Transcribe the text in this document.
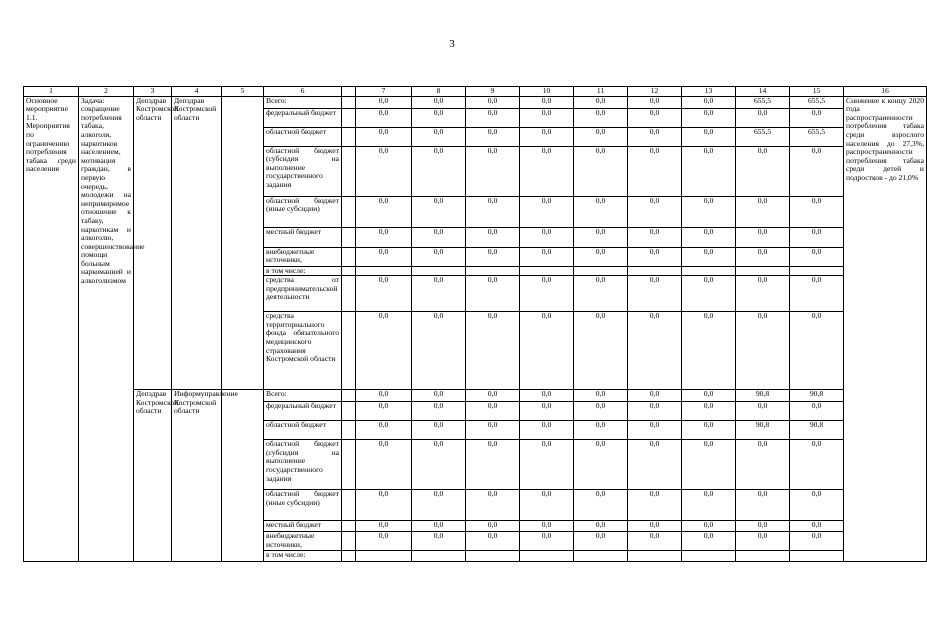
3
1	2	3	4	5	6		7	8	9	10	11	12	13	14	15	16
Основное мероприятие 1.1. Мероприятия по ограничению потребления табака среди населения	Задача: сокращение потребления табака, алкоголя, наркотиков населением, мотивация граждан, в первую очередь, молодежи на непримиримое отношение к табаку, наркотикам и алкоголю, совершенствование помощи больным наркоманией и алкоголизмом	Депздрав Костромской области	Депздрав Костромской области		Всего:		0,0	0,0	0,0	0,0	0,0	0,0	0,0	655,5	655,5	Снижение к концу 2020 года распространенности потребления табака среди взрослого населения до 27,3%, распространенности потребления табака среди детей и подростков - до 21,0%
					федеральный бюджет		0,0	0,0	0,0	0,0	0,0	0,0	0,0	0,0	0,0	
					областной бюджет		0,0	0,0	0,0	0,0	0,0	0,0	0,0	655,5	655,5	
					областной бюджет (субсидия на выполнение государственного задания		0,0	0,0	0,0	0,0	0,0	0,0	0,0	0,0	0,0	
					областной бюджет (иные субсидии)		0,0	0,0	0,0	0,0	0,0	0,0	0,0	0,0	0,0	
					местный бюджет		0,0	0,0	0,0	0,0	0,0	0,0	0,0	0,0	0,0	
					внебюджетные источники,		0,0	0,0	0,0	0,0	0,0	0,0	0,0	0,0	0,0	
					в том числе:											
					средства от предпринимательской деятельности		0,0	0,0	0,0	0,0	0,0	0,0	0,0	0,0	0,0	
					средства территориального фонда обязательного медицинского страхования Костромской области		0,0	0,0	0,0	0,0	0,0	0,0	0,0	0,0	0,0	
		Депздрав Костромской области	Информуправление Костромской области		Всего:		0,0	0,0	0,0	0,0	0,0	0,0	0,0	90,8	90,8	
					федеральный бюджет		0,0	0,0	0,0	0,0	0,0	0,0	0,0	0,0	0,0	
					областной бюджет		0,0	0,0	0,0	0,0	0,0	0,0	0,0	90,8	90,8	
					областной бюджет (субсидия на выполнение государственного задания		0,0	0,0	0,0	0,0	0,0	0,0	0,0	0,0	0,0	
					областной бюджет (иные субсидии)		0,0	0,0	0,0	0,0	0,0	0,0	0,0	0,0	0,0	
					местный бюджет		0,0	0,0	0,0	0,0	0,0	0,0	0,0	0,0	0,0	
					внебюджетные источники,		0,0	0,0	0,0	0,0	0,0	0,0	0,0	0,0	0,0	
					в том числе:											
